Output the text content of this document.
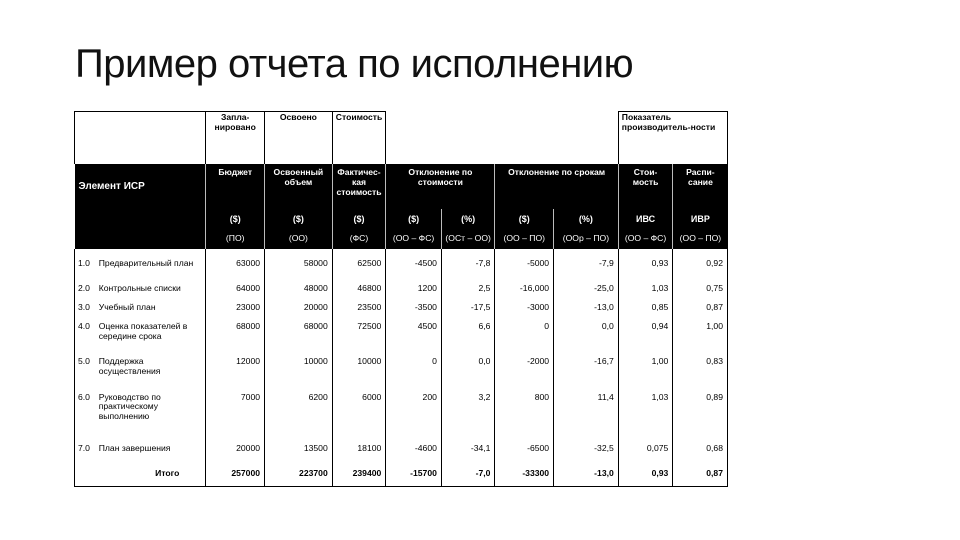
Пример отчета по исполнению
		Запла-нировано	Освоено	Стоимость					Показатель производитель-ности	
Элемент ИСР		Бюджет	Освоенный объем	Фактичес-кая стоимость	Отклонение по стоимости		Отклонение по срокам		Стои-мость	Распи-сание
		($)	($)	($)	($)	(%)	($)	(%)	ИВС	ИВР
		(ПО)	(ОО)	(ФС)	(ОО – ФС)	(ОСт – ОО)	(ОО – ПО)	(ООр – ПО)	(ОО – ФС)	(ОО – ПО)
1.0	Предварительный план	63000	58000	62500	-4500	-7,8	-5000	-7,9	0,93	0,92
2.0	Контрольные списки	64000	48000	46800	1200	2,5	-16,000	-25,0	1,03	0,75
3.0	Учебный план	23000	20000	23500	-3500	-17,5	-3000	-13,0	0,85	0,87
4.0	Оценка показателей в середине срока	68000	68000	72500	4500	6,6	0	0,0	0,94	1,00
5.0	Поддержка осуществления	12000	10000	10000	0	0,0	-2000	-16,7	1,00	0,83
6.0	Руководство по практическому выполнению	7000	6200	6000	200	3,2	800	11,4	1,03	0,89
7.0	План завершения	20000	13500	18100	-4600	-34,1	-6500	-32,5	0,075	0,68
Итого		257000	223700	239400	-15700	-7,0	-33300	-13,0	0,93	0,87
